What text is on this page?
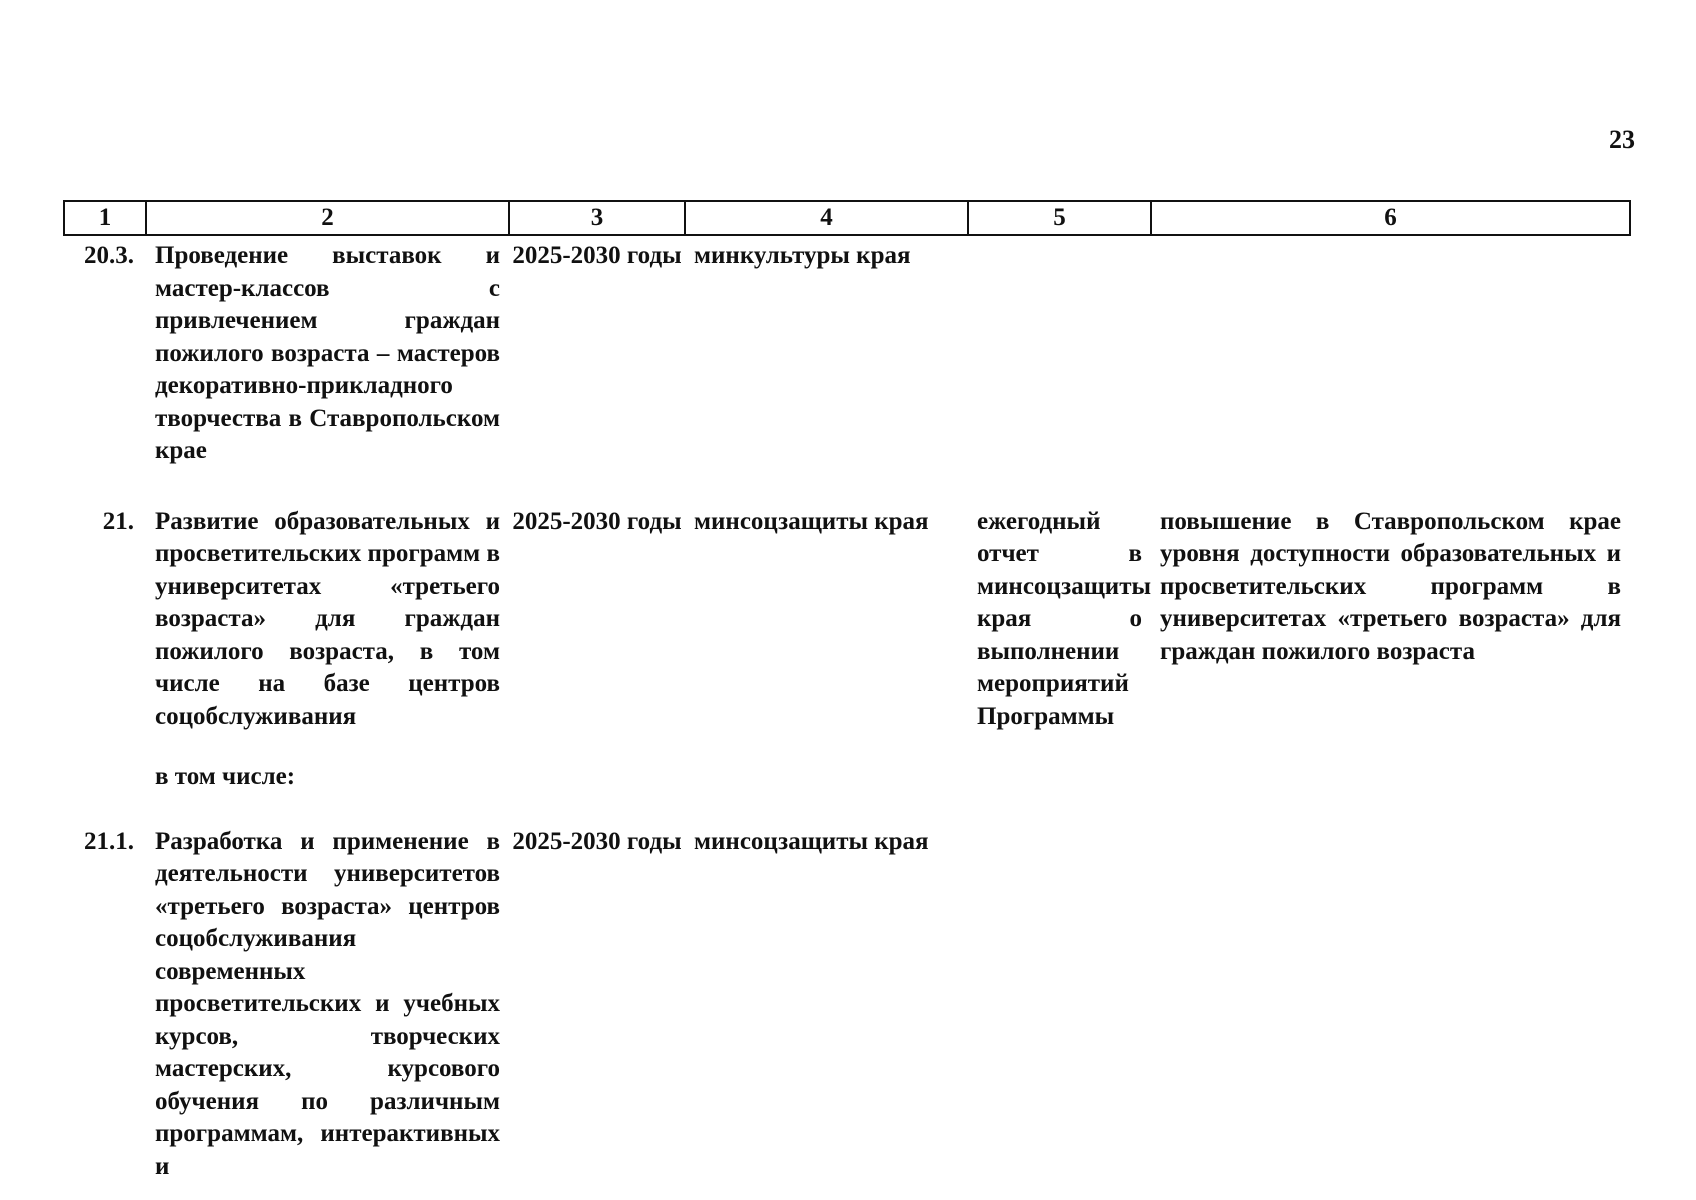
23
1	2	3	4	5	6
20.3.	Проведение выставок и мастер-классов с привлечением граждан пожилого возраста – мастеров декоративно-прикладного творчества в Ставропольском крае	2025-2030 годы	минкультуры края		
21.	Развитие образовательных и просветительских программ в университетах «третьего возраста» для граждан пожилого возраста, в том числе на базе центров соцобслуживания	2025-2030 годы	минсоцзащиты края	ежегодный отчет в минсоцзащиты края о выполнении мероприятий Программы	повышение в Ставропольском крае уровня доступности образовательных и просветительских программ в университетах «третьего возраста» для граждан пожилого возраста
	в том числе:				
21.1.	Разработка и применение в деятельности университетов «третьего возраста» центров соцобслуживания современных просветительских и учебных курсов, творческих мастерских, курсового обучения по различным программам, интерактивных и	2025-2030 годы	минсоцзащиты края		
